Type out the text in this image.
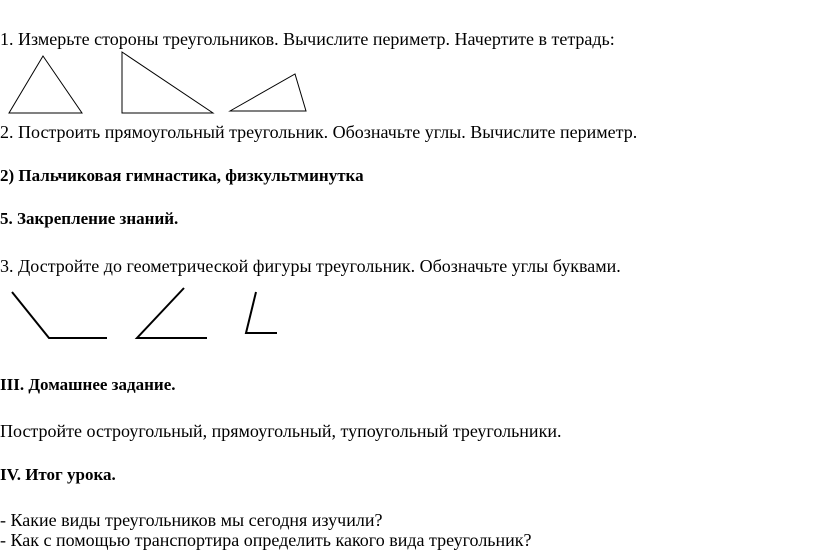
1. Измерьте стороны треугольников. Вычислите периметр. Начертите в тетрадь:
2. Построить прямоугольный треугольник. Обозначьте углы. Вычислите периметр.
2) Пальчиковая гимнастика, физкультминутка
5. Закрепление знаний.
3. Достройте до геометрической фигуры треугольник. Обозначьте углы буквами.
III. Домашнее задание.
Постройте остроугольный, прямоугольный, тупоугольный треугольники.
IV. Итог урока.
- Какие виды треугольников мы сегодня изучили?
- Как с помощью транспортира определить какого вида треугольник?
